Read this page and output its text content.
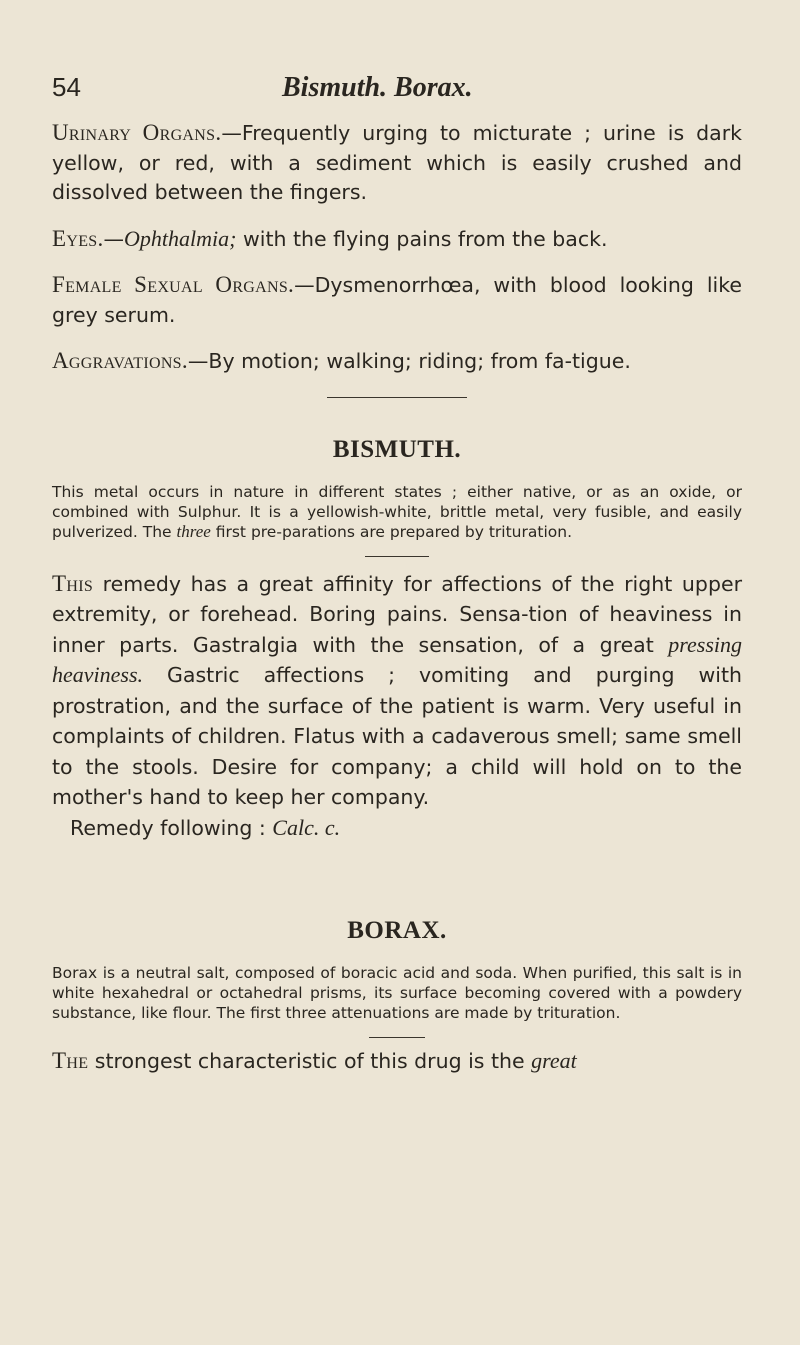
54	Bismuth. Borax.

Urinary Organs.—Frequently urging to micturate ; urine is dark yellow, or red, with a sediment which is easily crushed and dissolved between the fingers.

Eyes.—Ophthalmia; with the flying pains from the back.

Female Sexual Organs.—Dysmenorrhœa, with blood looking like grey serum.

Aggravations.—By motion; walking; riding; from fa-tigue.

BISMUTH.

This metal occurs in nature in different states ; either native, or as an oxide, or combined with Sulphur. It is a yellowish-white, brittle metal, very fusible, and easily pulverized. The three first pre-parations are prepared by trituration.

This remedy has a great affinity for affections of the right upper extremity, or forehead. Boring pains. Sensa-tion of heaviness in inner parts. Gastralgia with the sensation, of a great pressing heaviness. Gastric affections ; vomiting and purging with prostration, and the surface of the patient is warm. Very useful in complaints of children. Flatus with a cadaverous smell; same smell to the stools. Desire for company; a child will hold on to the mother's hand to keep her company.

Remedy following : Calc. c.

BORAX.

Borax is a neutral salt, composed of boracic acid and soda. When purified, this salt is in white hexahedral or octahedral prisms, its surface becoming covered with a powdery substance, like flour. The first three attenuations are made by trituration.

The strongest characteristic of this drug is the great
